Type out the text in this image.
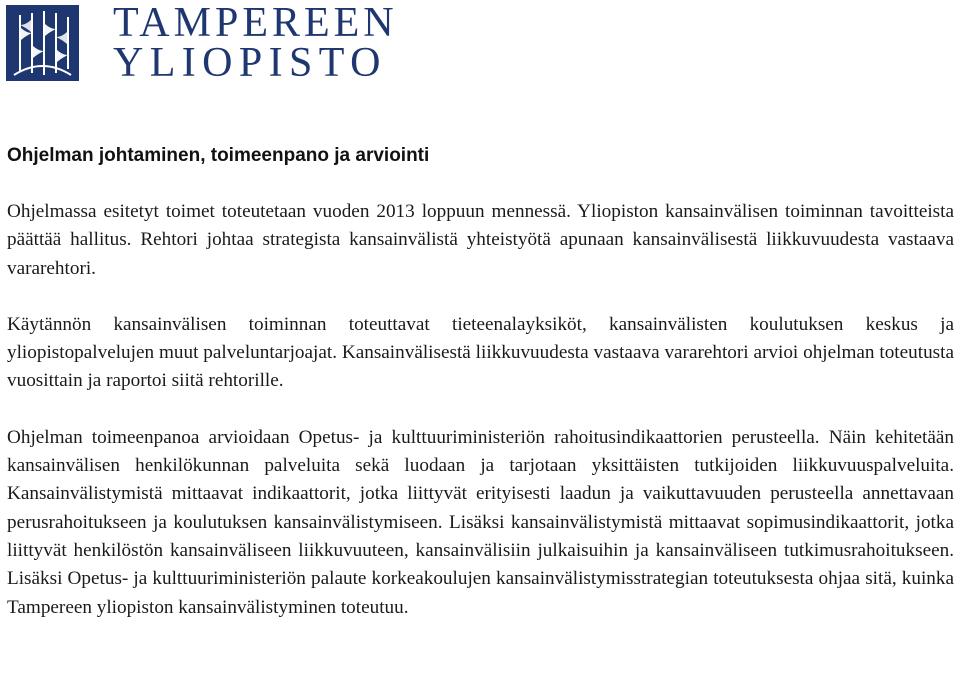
TAMPEREEN
YLIOPISTO
Ohjelman johtaminen, toimeenpano ja arviointi

Ohjelmassa esitetyt toimet toteutetaan vuoden 2013 loppuun mennessä. Yliopiston kansainvälisen toiminnan tavoitteista päättää hallitus. Rehtori johtaa strategista kansainvälistä yhteistyötä apunaan kansainvälisestä liikkuvuudesta vastaava vararehtori.

Käytännön kansainvälisen toiminnan toteuttavat tieteenalayksiköt, kansainvälisten koulutuksen keskus ja yliopistopalvelujen muut palveluntarjoajat. Kansainvälisestä liikkuvuudesta vastaava vararehtori arvioi ohjelman toteutusta vuosittain ja raportoi siitä rehtorille.

Ohjelman toimeenpanoa arvioidaan Opetus- ja kulttuuriministeriön rahoitusindikaattorien perusteella. Näin kehitetään kansainvälisen henkilökunnan palveluita sekä luodaan ja tarjotaan yksittäisten tutkijoiden liikkuvuuspalveluita. Kansainvälistymistä mittaavat indikaattorit, jotka liittyvät erityisesti laadun ja vaikuttavuuden perusteella annettavaan perusrahoitukseen ja koulutuksen kansainvälistymiseen. Lisäksi kansainvälistymistä mittaavat sopimusindikaattorit, jotka liittyvät henkilöstön kansainväliseen liikkuvuuteen, kansainvälisiin julkaisuihin ja kansainväliseen tutkimusrahoitukseen. Lisäksi Opetus- ja kulttuuriministeriön palaute korkeakoulujen kansainvälistymisstrategian toteutuksesta ohjaa sitä, kuinka Tampereen yliopiston kansainvälistyminen toteutuu.
